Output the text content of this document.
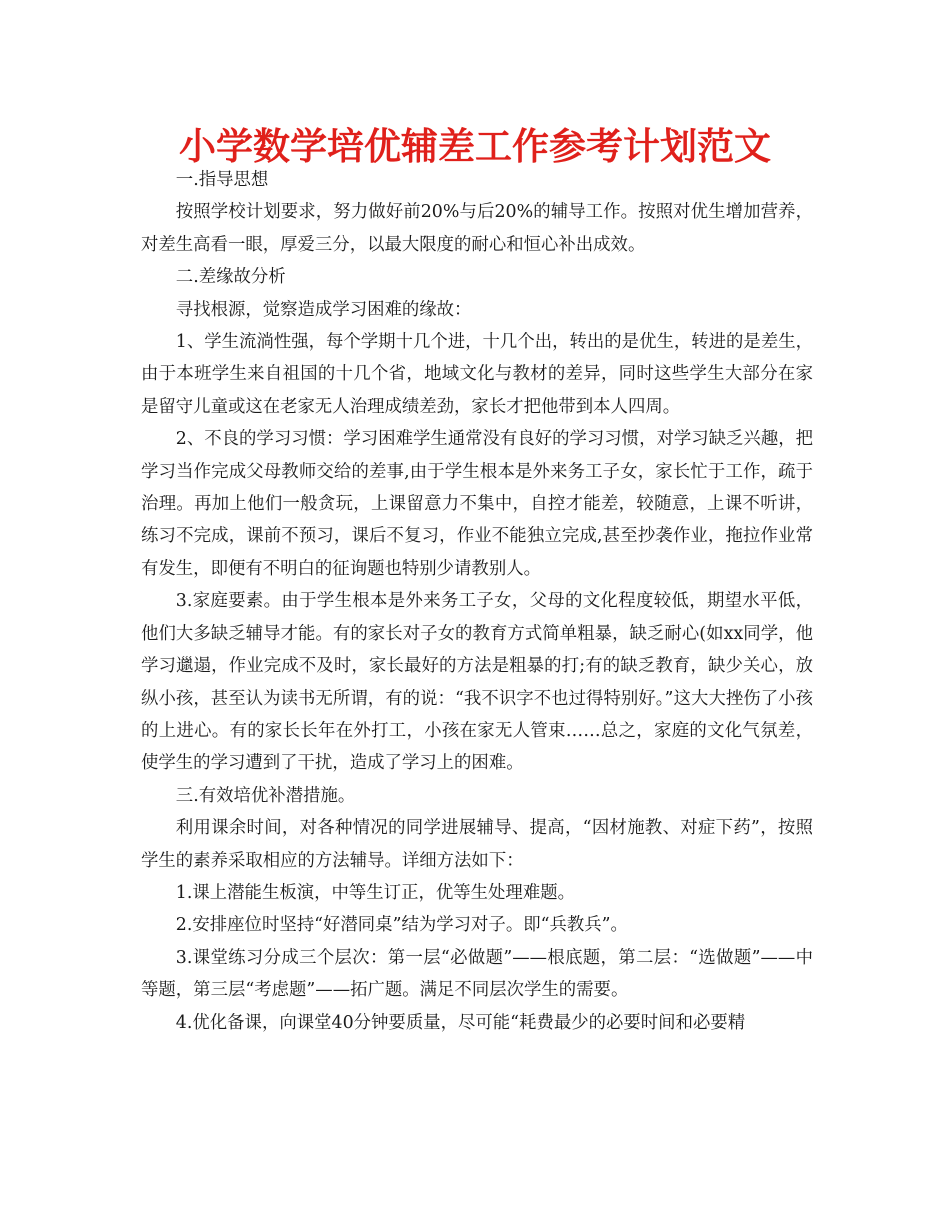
小学数学培优辅差工作参考计划范文

一.指导思想

按照学校计划要求，努力做好前20%与后20%的辅导工作。按照对优生增加营养，对差生高看一眼，厚爱三分，以最大限度的耐心和恒心补出成效。

二.差缘故分析

寻找根源，觉察造成学习困难的缘故：

1、学生流淌性强，每个学期十几个进，十几个出，转出的是优生，转进的是差生，由于本班学生来自祖国的十几个省，地域文化与教材的差异，同时这些学生大部分在家是留守儿童或这在老家无人治理成绩差劲，家长才把他带到本人四周。

2、不良的学习习惯：学习困难学生通常没有良好的学习习惯，对学习缺乏兴趣，把学习当作完成父母教师交给的差事,由于学生根本是外来务工子女，家长忙于工作，疏于治理。再加上他们一般贪玩，上课留意力不集中，自控才能差，较随意，上课不听讲，练习不完成，课前不预习，课后不复习，作业不能独立完成,甚至抄袭作业，拖拉作业常有发生，即便有不明白的征询题也特别少请教别人。

3.家庭要素。由于学生根本是外来务工子女，父母的文化程度较低，期望水平低，他们大多缺乏辅导才能。有的家长对子女的教育方式简单粗暴，缺乏耐心(如xx同学，他学习邋遢，作业完成不及时，家长最好的方法是粗暴的打;有的缺乏教育，缺少关心，放纵小孩，甚至认为读书无所谓，有的说：“我不识字不也过得特别好。”这大大挫伤了小孩的上进心。有的家长长年在外打工，小孩在家无人管束……总之，家庭的文化气氛差，使学生的学习遭到了干扰，造成了学习上的困难。

三.有效培优补潜措施。

利用课余时间，对各种情况的同学进展辅导、提高，“因材施教、对症下药”，按照学生的素养采取相应的方法辅导。详细方法如下：

1.课上潜能生板演，中等生订正，优等生处理难题。

2.安排座位时坚持“好潜同桌”结为学习对子。即“兵教兵”。

3.课堂练习分成三个层次：第一层“必做题”——根底题，第二层：“选做题”——中等题，第三层“考虑题”——拓广题。满足不同层次学生的需要。

4.优化备课，向课堂40分钟要质量，尽可能“耗费最少的必要时间和必要精
